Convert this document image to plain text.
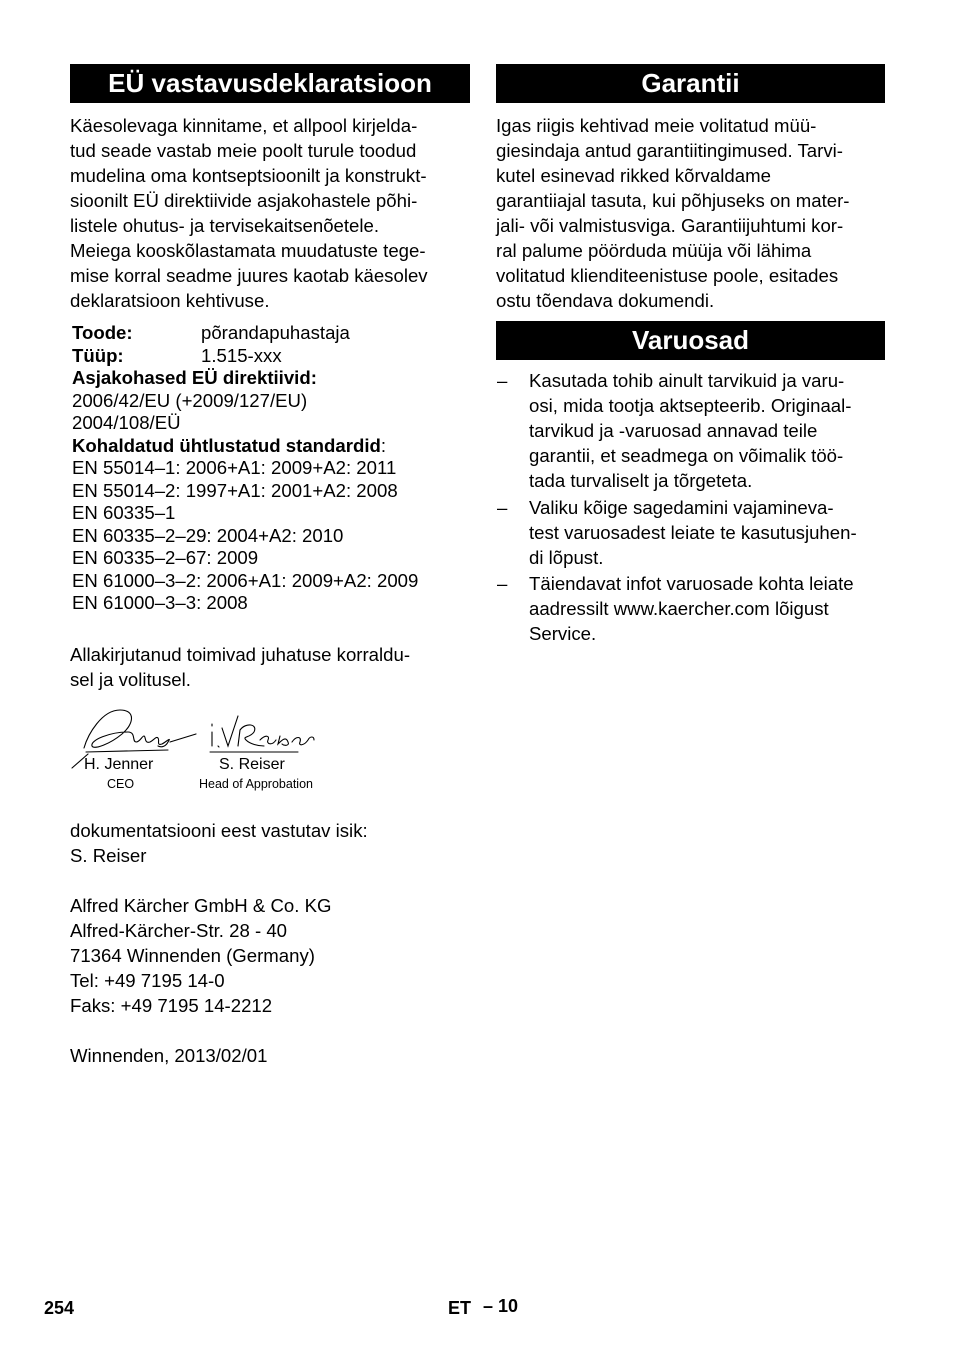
EÜ vastavusdeklaratsioon

Käesolevaga kinnitame, et allpool kirjelda-

tud seade vastab meie poolt turule toodud

mudelina oma kontseptsioonilt ja konstrukt-

sioonilt EÜ direktiivide asjakohastele põhi-

listele ohutus- ja tervisekaitsenõetele.

Meiega kooskõlastamata muudatuste tege-

mise korral seadme juures kaotab käesolev

deklaratsioon kehtivuse.

Toode:	põrandapuhastaja
Tüüp:	1.515-xxx
Asjakohased EÜ direktiivid:
2006/42/EU (+2009/127/EU)
2004/108/EÜ
Kohaldatud ühtlustatud standardid:
EN 55014–1: 2006+A1: 2009+A2: 2011
EN 55014–2: 1997+A1: 2001+A2: 2008
EN 60335–1
EN 60335–2–29: 2004+A2: 2010
EN 60335–2–67: 2009
EN 61000–3–2: 2006+A1: 2009+A2: 2009
EN 61000–3–3: 2008

Allakirjutanud toimivad juhatuse korraldu-

sel ja volitusel.

H. Jenner
CEO
S. Reiser
Head of Approbation

dokumentatsiooni eest vastutav isik:

S. Reiser

Alfred Kärcher GmbH & Co. KG

Alfred-Kärcher-Str. 28 - 40

71364 Winnenden (Germany)

Tel: +49 7195 14-0

Faks: +49 7195 14-2212

Winnenden, 2013/02/01

Garantii

Igas riigis kehtivad meie volitatud müü-

giesindaja antud garantiitingimused. Tarvi-

kutel esinevad rikked kõrvaldame

garantiiajal tasuta, kui põhjuseks on mater-

jali- või valmistusviga. Garantiijuhtumi kor-

ral palume pöörduda müüja või lähima

volitatud klienditeenistuse poole, esitades

ostu tõendava dokumendi.

Varuosad
– Kasutada tohib ainult tarvikuid ja varu-
osi, mida tootja aktsepteerib. Originaal-
tarvikud ja -varuosad annavad teile
garantii, et seadmega on võimalik töö-
tada turvaliselt ja tõrgeteta.
– Valiku kõige sagedamini vajamineva-
test varuosadest leiate te kasutusjuhen-
di lõpust.
– Täiendavat infot varuosade kohta leiate
aadressilt www.kaercher.com lõigust
Service.
254	ET – 10
